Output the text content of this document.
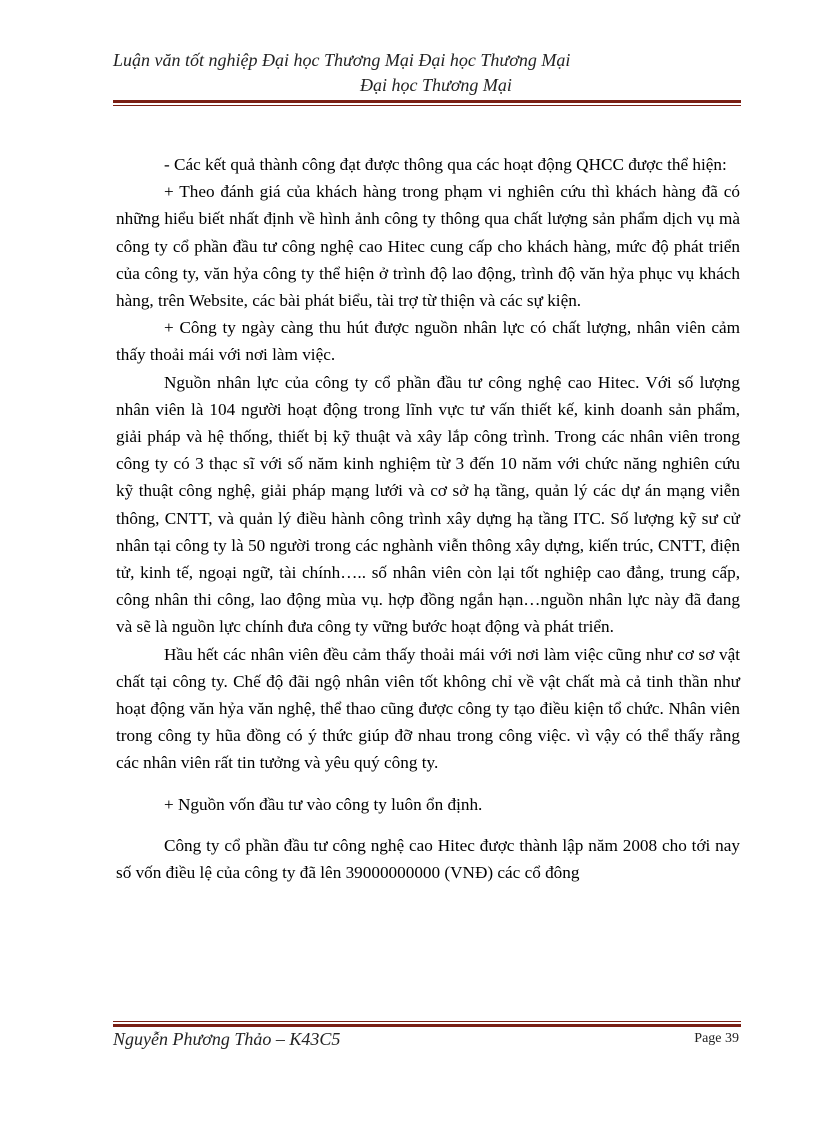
Luận văn tốt nghiệp Đại học Thương Mại Đại học Thương Mại
Đại học Thương Mại

- Các kết quả thành công đạt được thông qua các hoạt động QHCC được thể hiện:

+ Theo đánh giá của khách hàng trong phạm vi nghiên cứu thì khách hàng đã có những hiểu biết nhất định về hình ảnh công ty thông qua chất lượng sản phẩm dịch vụ mà công ty cổ phần đầu tư công nghệ cao Hitec cung cấp cho khách hàng, mức độ phát triển của công ty, văn hỷa công ty thể hiện ở trình độ lao động, trình độ văn hỷa phục vụ khách hàng, trên Website, các bài phát biểu, tài trợ từ thiện và các sự kiện.

+ Công ty ngày càng thu hút được nguồn nhân lực có chất lượng, nhân viên cảm thấy thoải mái với nơi làm việc.

Nguồn nhân lực của công ty cổ phần đầu tư công nghệ cao Hitec. Với số lượng nhân viên là 104 người hoạt động trong lĩnh vực tư vấn thiết kế, kinh doanh sản phẩm, giải pháp và hệ thống, thiết bị kỹ thuật và xây lắp công trình. Trong các nhân viên trong công ty có 3 thạc sĩ với số năm kinh nghiệm từ 3 đến 10 năm với chức năng nghiên cứu kỹ thuật công nghệ, giải pháp mạng lưới và cơ sở hạ tầng, quản lý các dự án mạng viễn thông, CNTT, và quản lý điều hành công trình xây dựng hạ tầng ITC. Số lượng kỹ sư cử nhân tại công ty là 50 người trong các nghành viễn thông xây dựng, kiến trúc, CNTT, điện tử, kinh tế, ngoại ngữ, tài chính….. số nhân viên còn lại tốt nghiệp cao đẳng, trung cấp, công nhân thi công, lao động mùa vụ. hợp đồng ngắn hạn…nguồn nhân lực này đã đang và sẽ là nguồn lực chính đưa công ty vững bước hoạt động và phát triển.

Hầu hết các nhân viên đều cảm thấy thoải mái với nơi làm việc cũng như cơ sơ vật chất tại công ty. Chế độ đãi ngộ nhân viên tốt không chỉ về vật chất mà cả tinh thần như hoạt động văn hỷa văn nghệ, thể thao cũng được công ty tạo điều kiện tổ chức. Nhân viên trong công ty hũa đồng có ý thức giúp đỡ nhau trong công việc. vì vậy có thể thấy rằng các nhân viên rất tin tưởng và yêu quý công ty.

+ Nguồn vốn đầu tư vào công ty luôn ổn định.

Công ty cổ phần đầu tư công nghệ cao Hitec được thành lập năm 2008 cho tới nay số vốn điều lệ của công ty đã lên 39000000000 (VNĐ) các cổ đông

Nguyễn Phương Thảo – K43C5	Page 39
